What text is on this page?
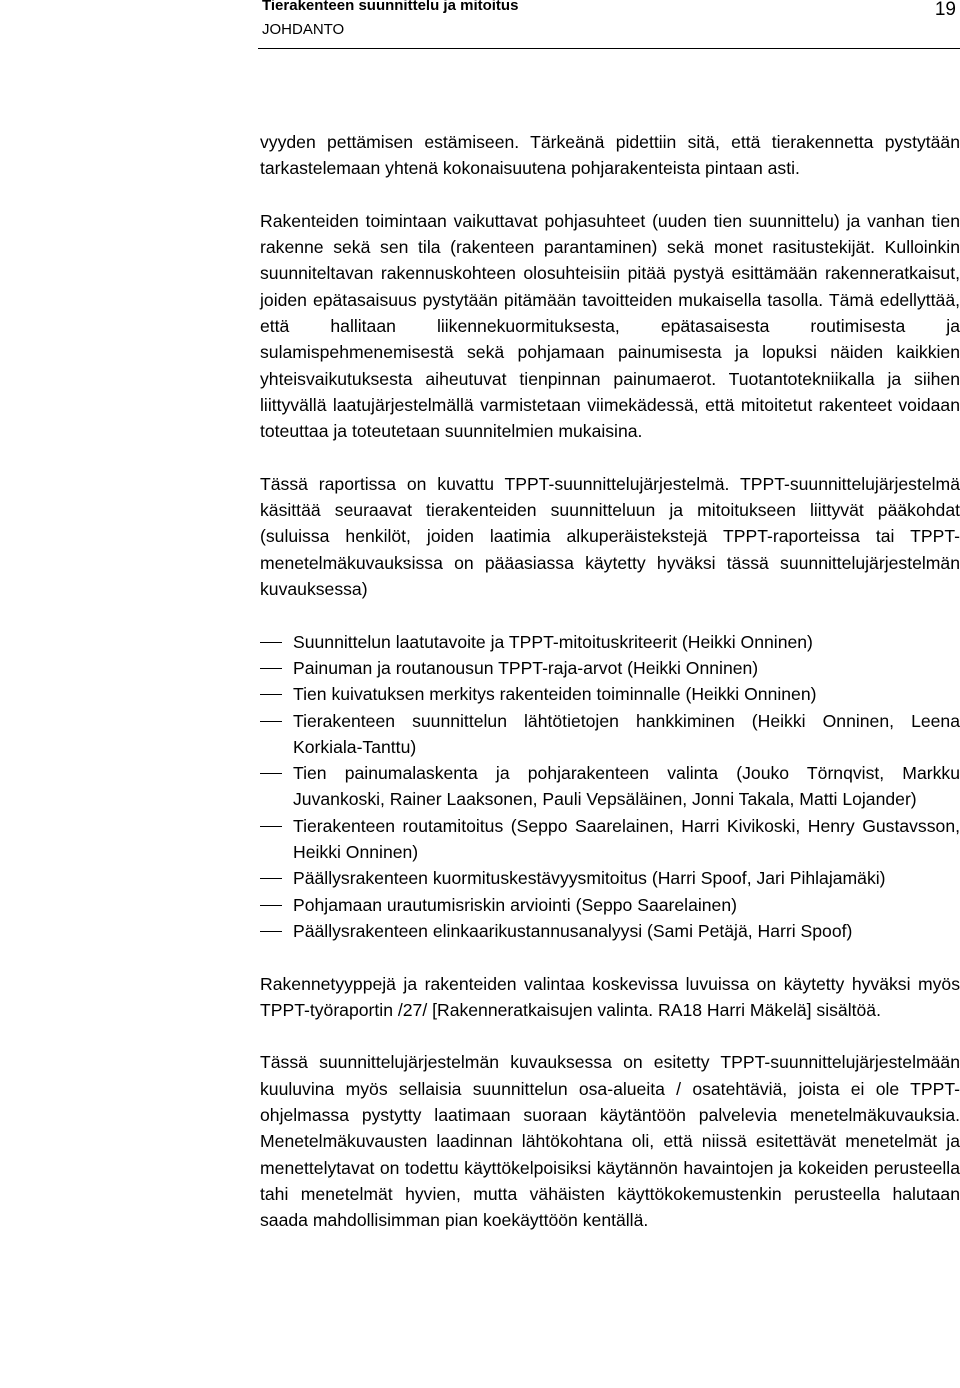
Tierakenteen suunnittelu ja mitoitus
JOHDANTO
19

vyyden pettämisen estämiseen. Tärkeänä pidettiin sitä, että tierakennetta pystytään tarkastelemaan yhtenä kokonaisuutena pohjarakenteista pintaan asti.

Rakenteiden toimintaan vaikuttavat pohjasuhteet (uuden tien suunnittelu) ja vanhan tien rakenne sekä sen tila (rakenteen parantaminen) sekä monet rasitustekijät. Kulloinkin suunniteltavan rakennuskohteen olosuhteisiin pitää pystyä esittämään rakenneratkaisut, joiden epätasaisuus pystytään pitämään tavoitteiden mukaisella tasolla. Tämä edellyttää, että hallitaan liikennekuormituksesta, epätasaisesta routimisesta ja sulamispehmenemisestä sekä pohjamaan painumisesta ja lopuksi näiden kaikkien yhteisvaikutuksesta aiheutuvat tienpinnan painumaerot. Tuotantotekniikalla ja siihen liittyvällä laatujärjestelmällä varmistetaan viimekädessä, että mitoitetut rakenteet voidaan toteuttaa ja toteutetaan suunnitelmien mukaisina.

Tässä raportissa on kuvattu TPPT-suunnittelujärjestelmä. TPPT-suunnittelujärjestelmä käsittää seuraavat tierakenteiden suunnitteluun ja mitoitukseen liittyvät pääkohdat (suluissa henkilöt, joiden laatimia alkuperäistekstejä TPPT-raporteissa tai TPPT-menetelmäkuvauksissa on pääasiassa käytetty hyväksi tässä suunnittelujärjestelmän kuvauksessa)

Suunnittelun laatutavoite ja TPPT-mitoituskriteerit (Heikki Onninen)
Painuman ja routanousun TPPT-raja-arvot (Heikki Onninen)
Tien kuivatuksen merkitys rakenteiden toiminnalle (Heikki Onninen)
Tierakenteen suunnittelun lähtötietojen hankkiminen (Heikki Onninen, Leena Korkiala-Tanttu)
Tien painumalaskenta ja pohjarakenteen valinta (Jouko Törnqvist, Markku Juvankoski, Rainer Laaksonen, Pauli Vepsäläinen, Jonni Takala, Matti Lojander)
Tierakenteen routamitoitus (Seppo Saarelainen, Harri Kivikoski, Henry Gustavsson, Heikki Onninen)
Päällysrakenteen kuormituskestävyysmitoitus (Harri Spoof, Jari Pihlajamäki)
Pohjamaan urautumisriskin arviointi (Seppo Saarelainen)
Päällysrakenteen elinkaarikustannusanalyysi (Sami Petäjä, Harri Spoof)

Rakennetyyppejä ja rakenteiden valintaa koskevissa luvuissa on käytetty hyväksi myös TPPT-työraportin /27/ [Rakenneratkaisujen valinta. RA18 Harri Mäkelä] sisältöä.

Tässä suunnittelujärjestelmän kuvauksessa on esitetty TPPT-suunnittelujärjestelmään kuuluvina myös sellaisia suunnittelun osa-alueita / osatehtäviä, joista ei ole TPPT-ohjelmassa pystytty laatimaan suoraan käytäntöön palvelevia menetelmäkuvauksia. Menetelmäkuvausten laadinnan lähtökohtana oli, että niissä esitettävät menetelmät ja menettelytavat on todettu käyttökelpoisiksi käytännön havaintojen ja kokeiden perusteella tahi menetelmät hyvien, mutta vähäisten käyttökokemustenkin perusteella halutaan saada mahdollisimman pian koekäyttöön kentällä.
